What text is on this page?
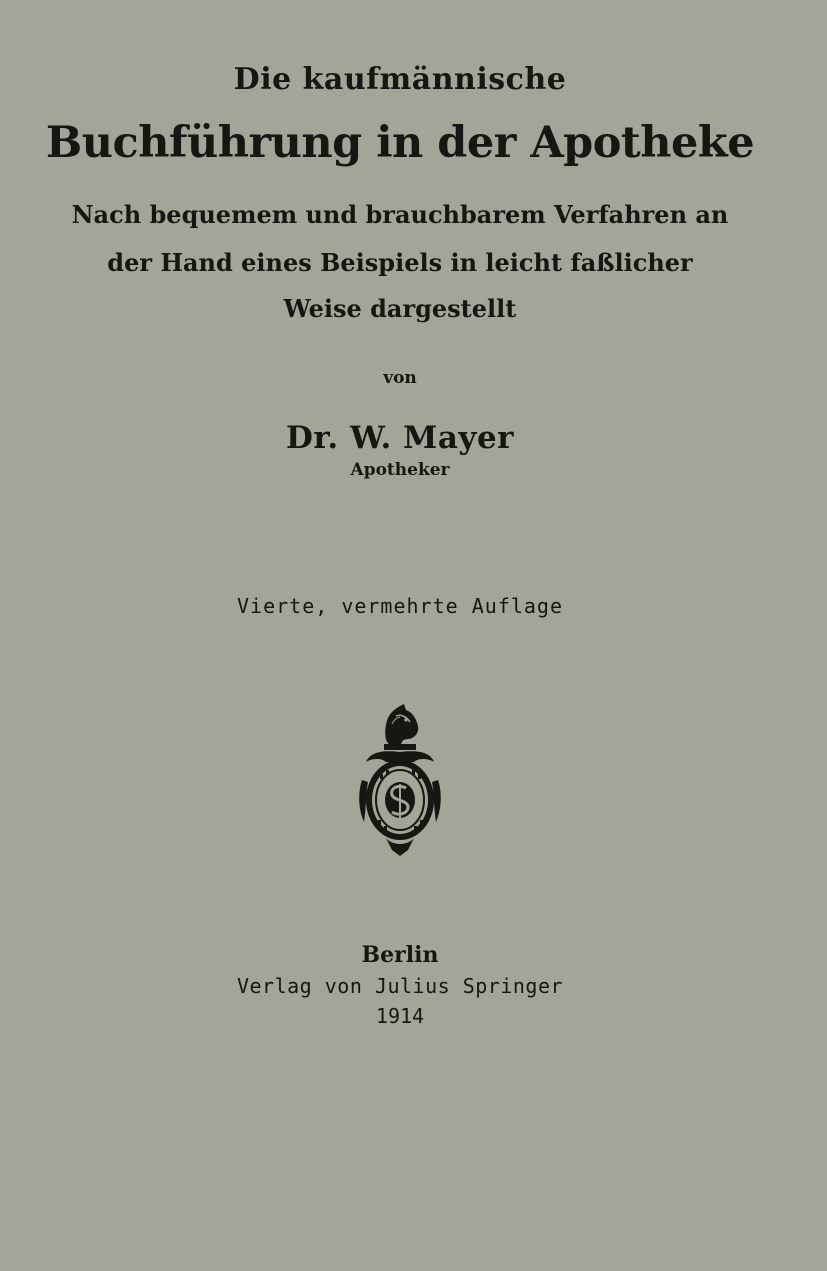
Die kaufmännische
Buchführung in der Apotheke
Nach bequemem und brauchbarem Verfahren an
der Hand eines Beispiels in leicht faßlicher
Weise dargestellt
von
Dr. W. Mayer
Apotheker
Vierte, vermehrte Auflage
Berlin
Verlag von Julius Springer
1914
